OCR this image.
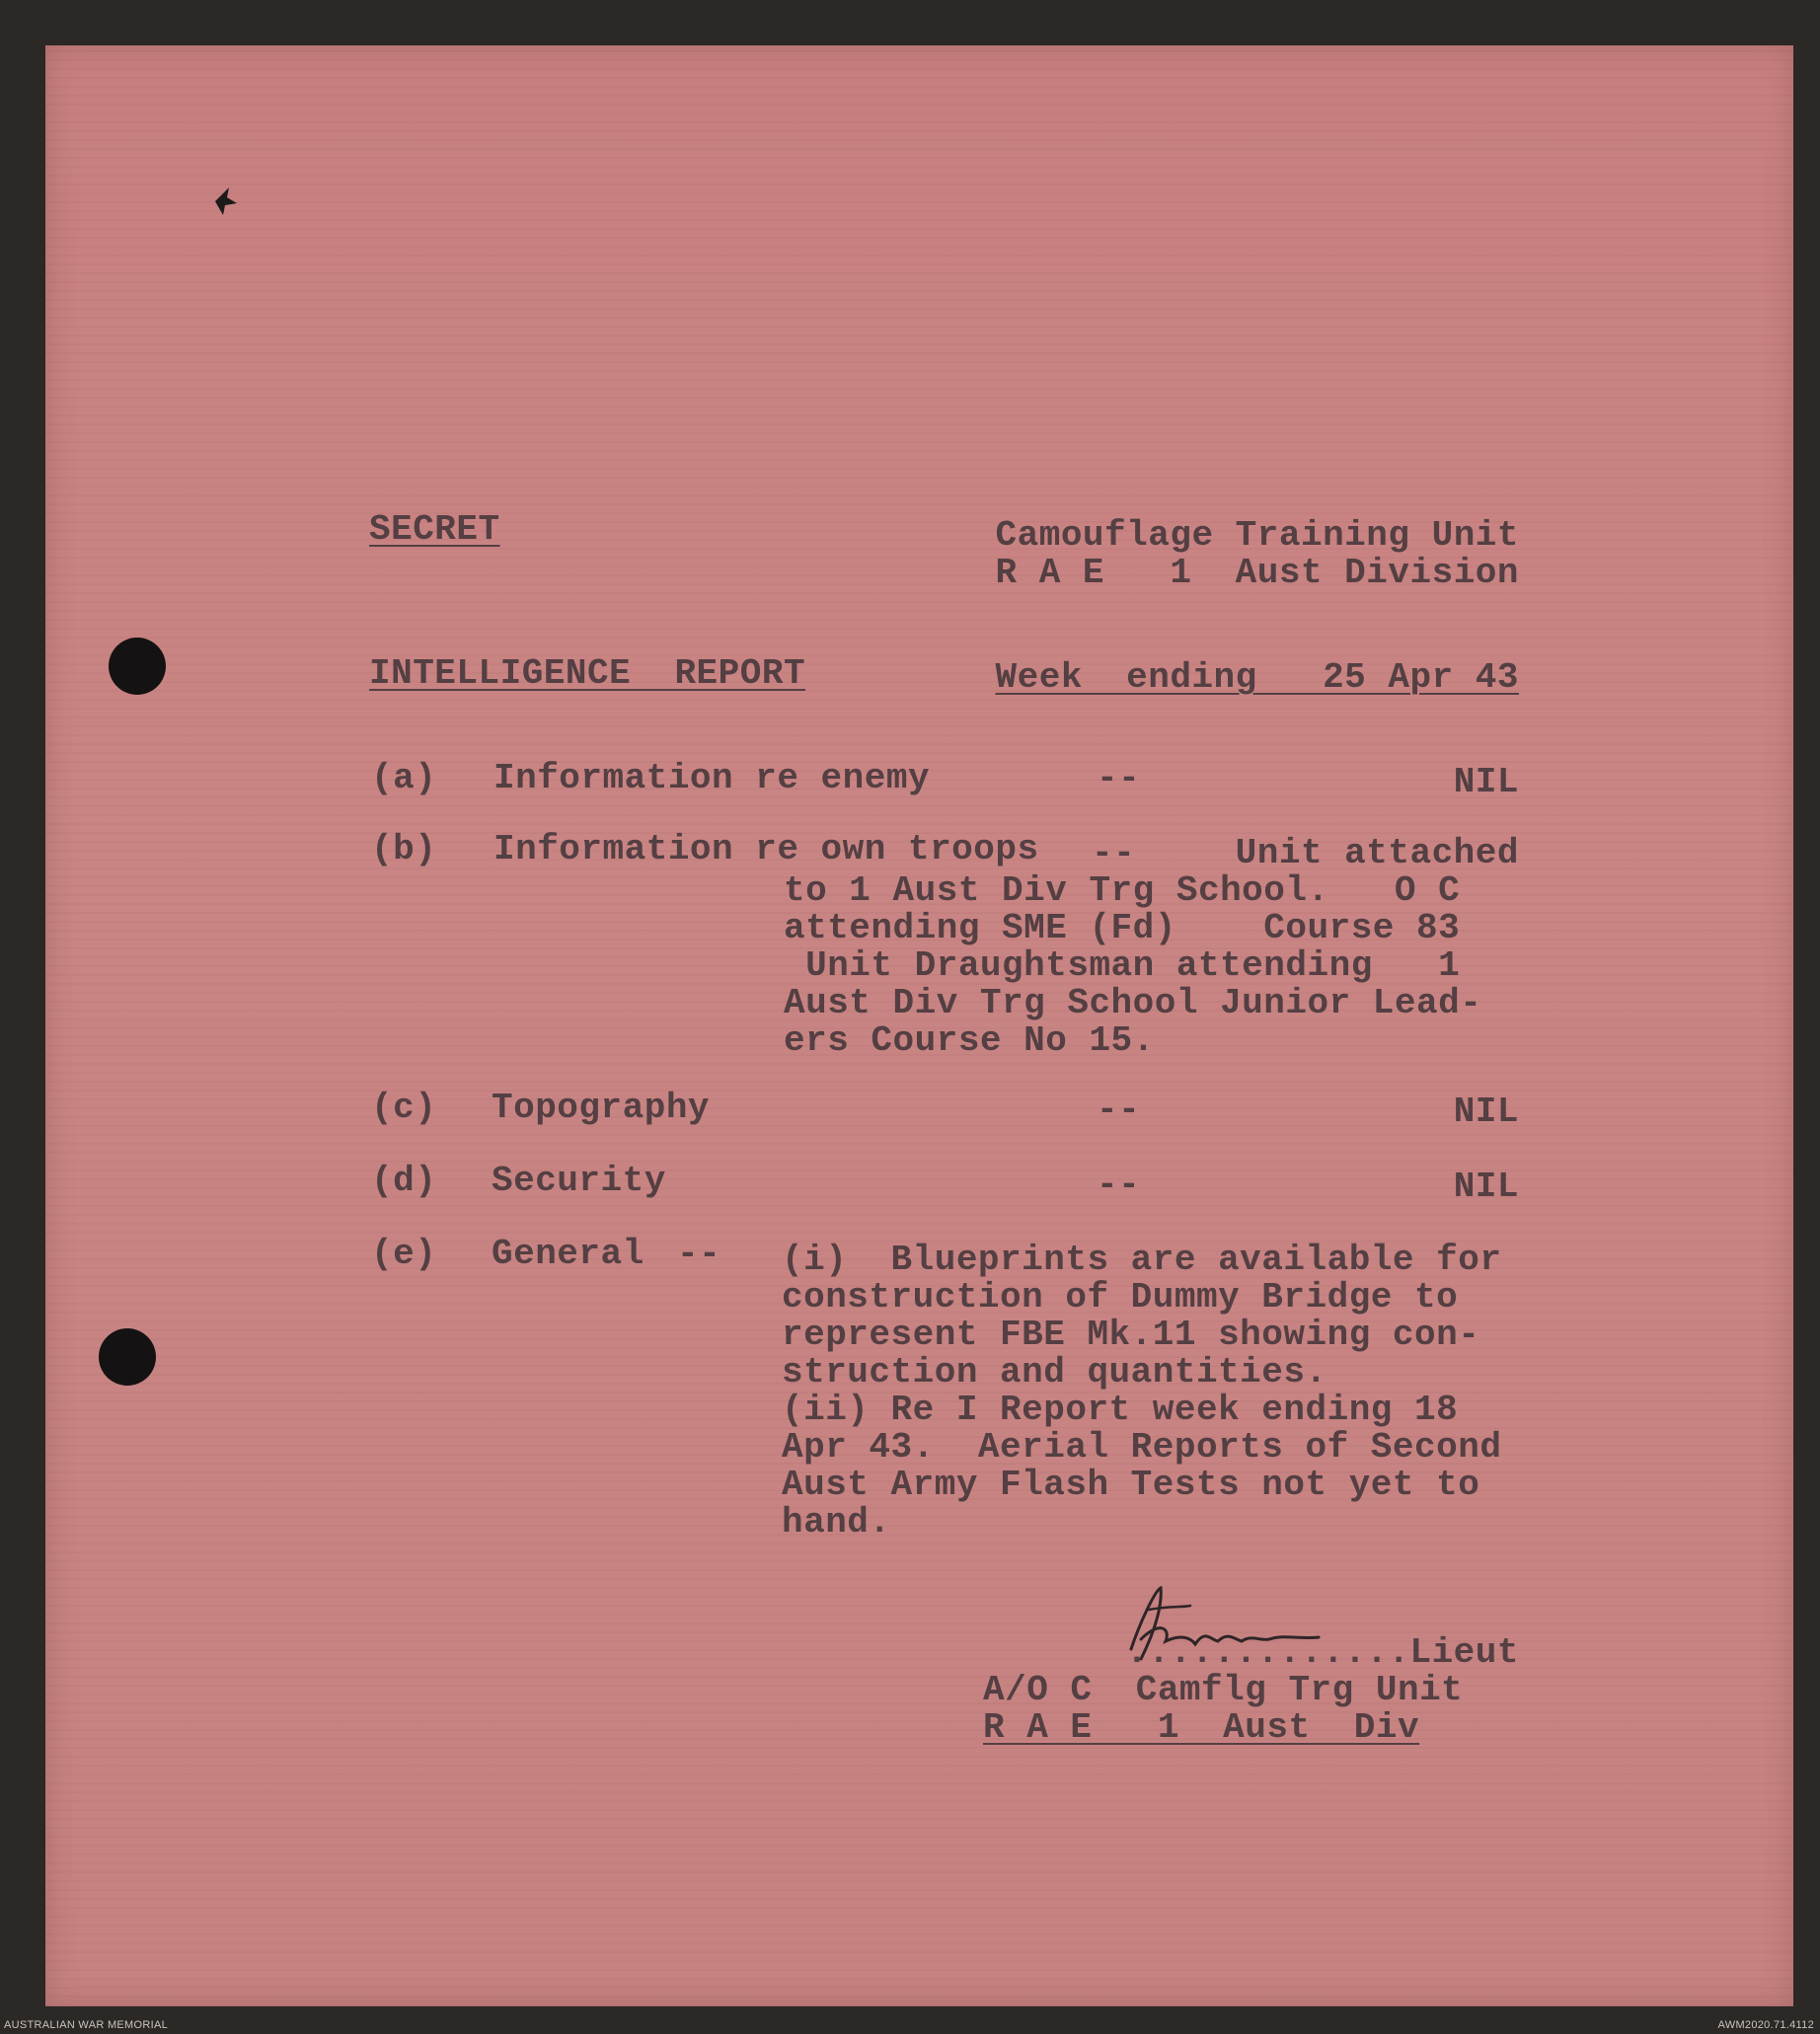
SECRET	Camouflage Training Unit
R A E   1  Aust Division
INTELLIGENCE  REPORT	Week  ending   25 Apr 43
(a) Information re enemy	--	NIL
(b) Information re own troops --	Unit attached
to 1 Aust Div Trg School.   O C
attending SME (Fd)    Course 83
Unit Draughtsman attending   1
Aust Div Trg School Junior Lead-
ers Course No 15.
(c) Topography	--	NIL
(d) Security	--	NIL
(e) General -- (i)  Blueprints are available for
construction of Dummy Bridge to
represent FBE Mk.11 showing con-
struction and quantities.
(ii) Re I Report week ending 18
Apr 43.  Aerial Reports of Second
Aust Army Flash Tests not yet to
hand.
.............Lieut
A/O C  Camflg Trg Unit
R A E   1  Aust  Div
AUSTRALIAN WAR MEMORIAL	AWM2020.71.4112
